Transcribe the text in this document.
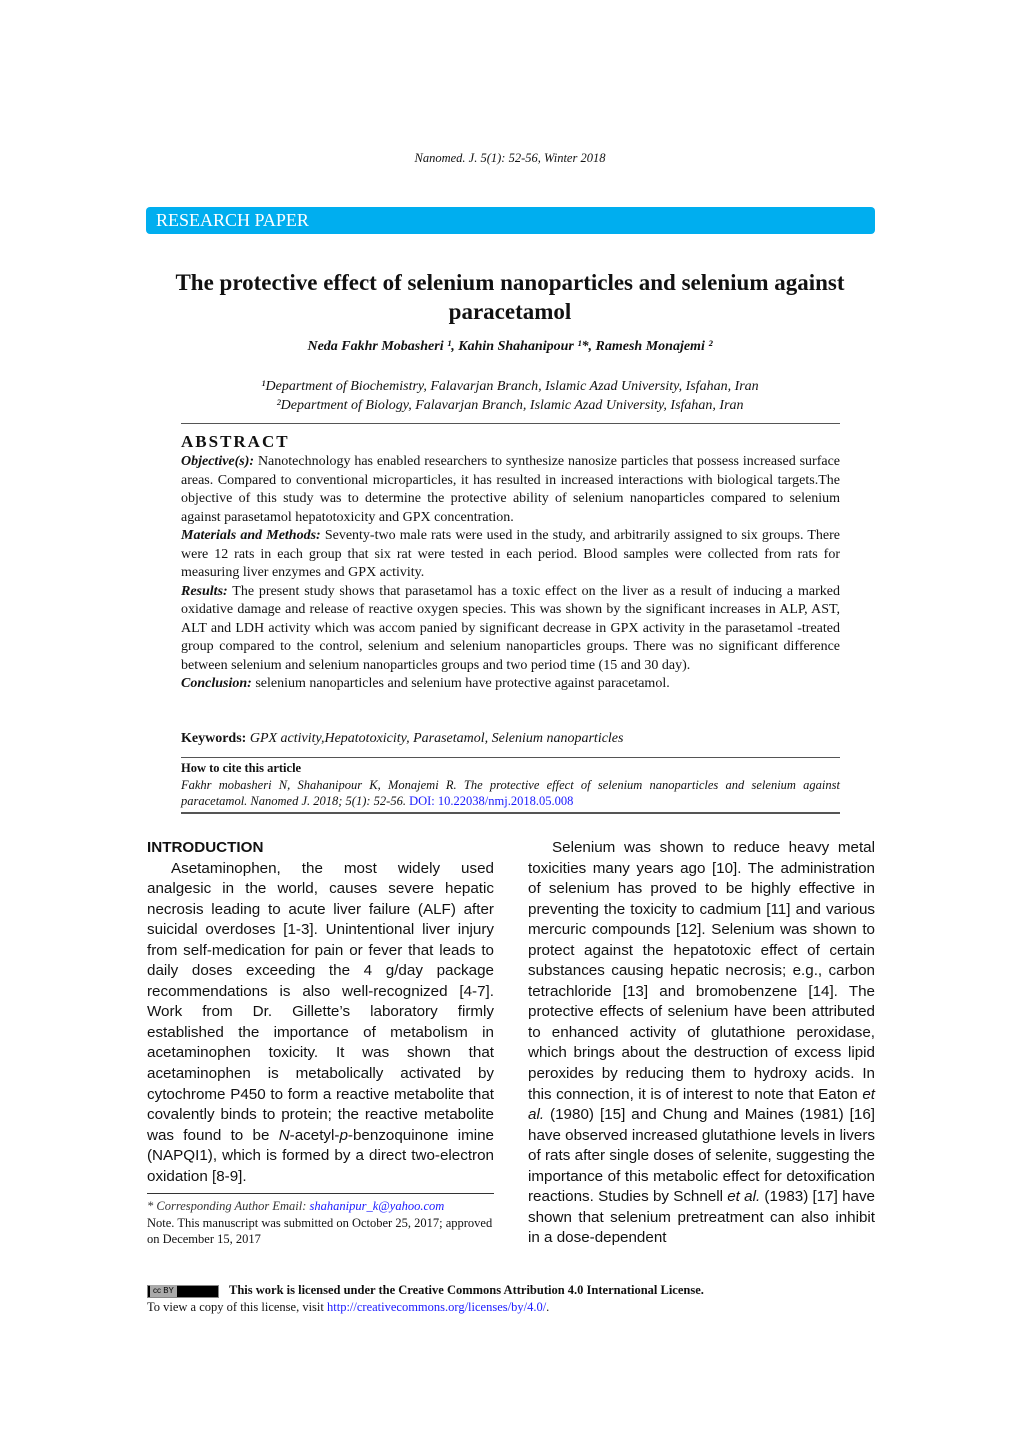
Nanomed. J. 5(1): 52-56, Winter 2018
RESEARCH PAPER
The protective effect of selenium nanoparticles and selenium against paracetamol
Neda Fakhr Mobasheri ¹, Kahin Shahanipour ¹*, Ramesh Monajemi ²
¹Department of Biochemistry, Falavarjan Branch, Islamic Azad University, Isfahan, Iran
²Department of Biology, Falavarjan Branch, Islamic Azad University, Isfahan, Iran
ABSTRACT

Objective(s): Nanotechnology has enabled researchers to synthesize nanosize particles that possess increased surface areas. Compared to conventional microparticles, it has resulted in increased interactions with biological targets.The objective of this study was to determine the protective ability of selenium nanoparticles compared to selenium against parasetamol hepatotoxicity and GPX concentration.

Materials and Methods: Seventy-two male rats were used in the study, and arbitrarily assigned to six groups. There were 12 rats in each group that six rat were tested in each period. Blood samples were collected from rats for measuring liver enzymes and GPX activity.

Results: The present study shows that parasetamol has a toxic effect on the liver as a result of inducing a marked oxidative damage and release of reactive oxygen species. This was shown by the significant increases in ALP, AST, ALT and LDH activity which was accom panied by significant decrease in GPX activity in the parasetamol -treated group compared to the control, selenium and selenium nanoparticles groups. There was no significant difference between selenium and selenium nanoparticles groups and two period time (15 and 30 day).

Conclusion: selenium nanoparticles and selenium have protective against paracetamol.

Keywords: GPX activity,Hepatotoxicity, Parasetamol, Selenium nanoparticles
How to cite this article
Fakhr mobasheri N, Shahanipour K, Monajemi R. The protective effect of selenium nanoparticles and selenium against paracetamol. Nanomed J. 2018; 5(1): 52-56. DOI: 10.22038/nmj.2018.05.008
INTRODUCTION

Asetaminophen, the most widely used analgesic in the world, causes severe hepatic necrosis leading to acute liver failure (ALF) after suicidal overdoses [1-3]. Unintentional liver injury from self-medication for pain or fever that leads to daily doses exceeding the 4 g/day package recommendations is also well-recognized [4-7]. Work from Dr. Gillette’s laboratory firmly established the importance of metabolism in acetaminophen toxicity. It was shown that acetaminophen is metabolically activated by cytochrome P450 to form a reactive metabolite that covalently binds to protein; the reactive metabolite was found to be N-acetyl-p-benzoquinone imine (NAPQI1), which is formed by a direct two-electron oxidation [8-9].

Selenium was shown to reduce heavy metal toxicities many years ago [10]. The administration of selenium has proved to be highly effective in preventing the toxicity to cadmium [11] and various mercuric compounds [12]. Selenium was shown to protect against the hepatotoxic effect of certain substances causing hepatic necrosis; e.g., carbon tetrachloride [13] and bromobenzene [14]. The protective effects of selenium have been attributed to enhanced activity of glutathione peroxidase, which brings about the destruction of excess lipid peroxides by reducing them to hydroxy acids. In this connection, it is of interest to note that Eaton et al. (1980) [15] and Chung and Maines (1981) [16] have observed increased glutathione levels in livers of rats after single doses of selenite, suggesting the importance of this metabolic effect for detoxification reactions. Studies by Schnell et al. (1983) [17] have shown that selenium pretreatment can also inhibit in a dose-dependent

* Corresponding Author Email: shahanipur_k@yahoo.com
Note. This manuscript was submitted on October 25, 2017; approved on December 15, 2017
cc BY	This work is licensed under the Creative Commons Attribution 4.0 International License.
To view a copy of this license, visit http://creativecommons.org/licenses/by/4.0/.
